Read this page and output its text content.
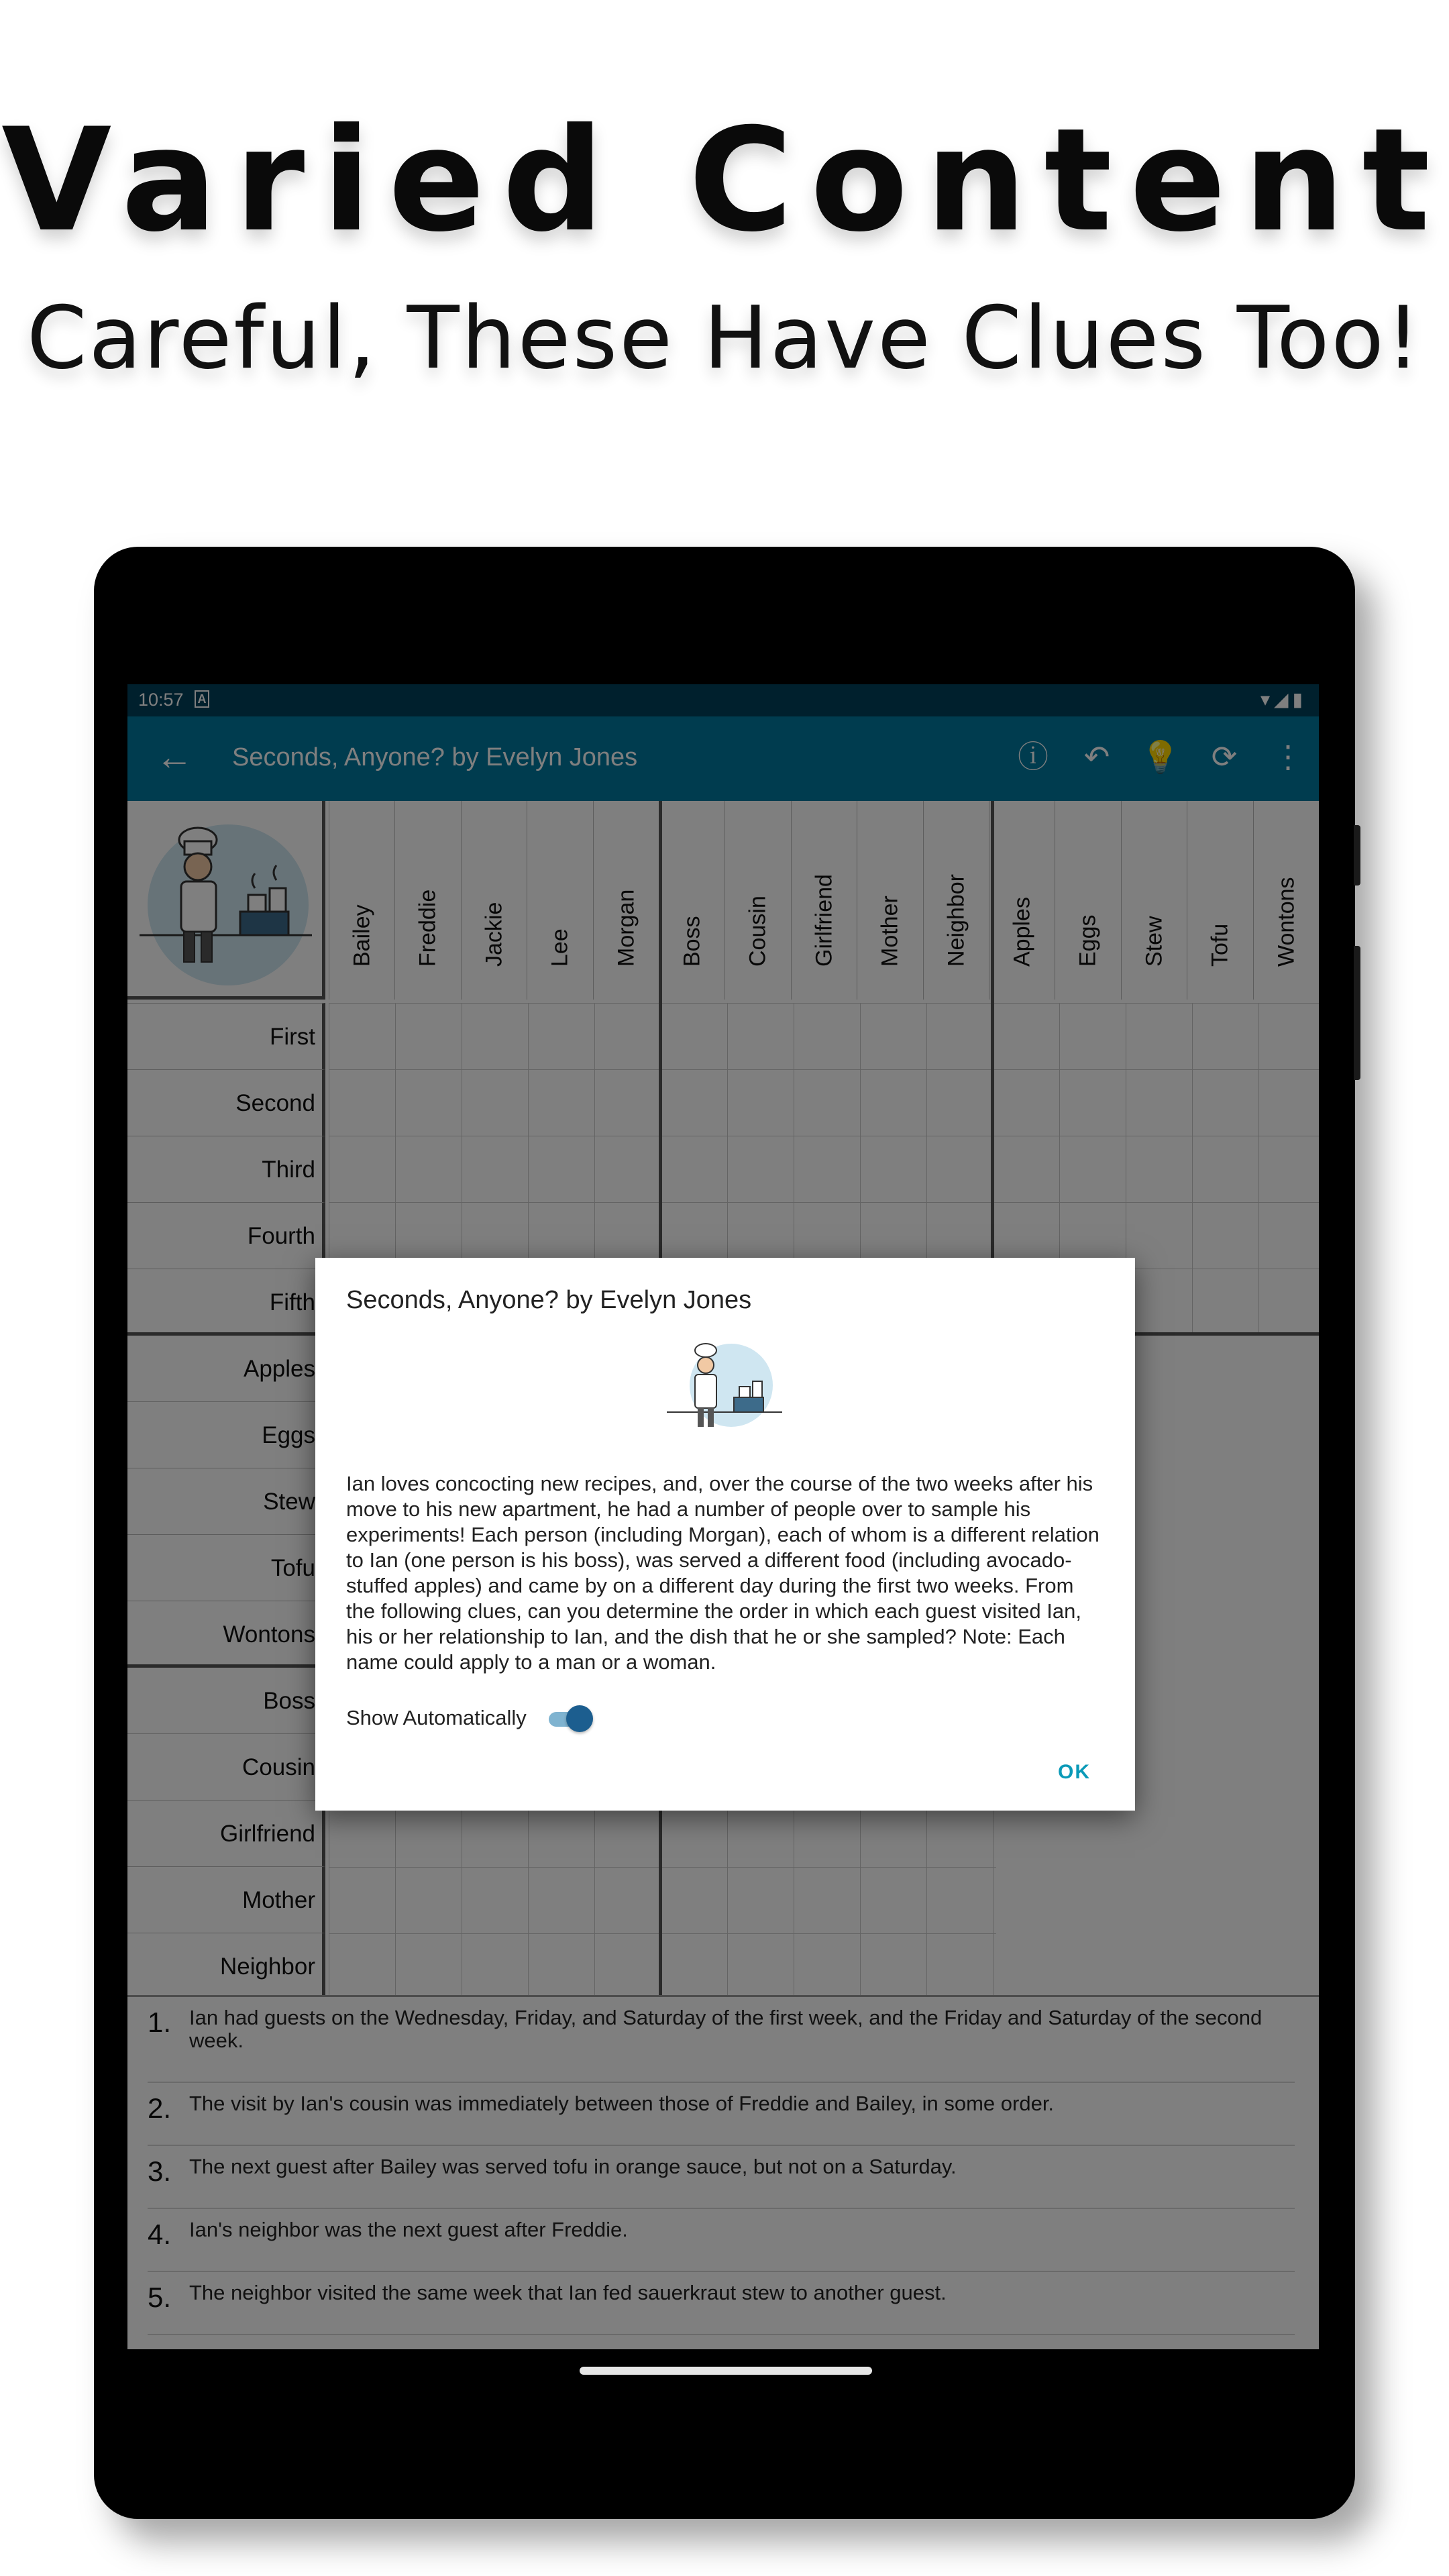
Varied Content
Careful, These Have Clues Too!
Seconds, Anyone? by Evelyn Jones
Ian loves concocting new recipes, and, over the course of the two weeks after his move to his new apartment, he had a number of people over to sample his experiments! Each person (including Morgan), each of whom is a different relation to Ian (one person is his boss), was served a different food (including avocado-stuffed apples) and came by on a different day during the first two weeks. From the following clues, can you determine the order in which each guest visited Ian, his or her relationship to Ian, and the dish that he or she sampled? Note: Each name could apply to a man or a woman.
Show Automatically
OK
